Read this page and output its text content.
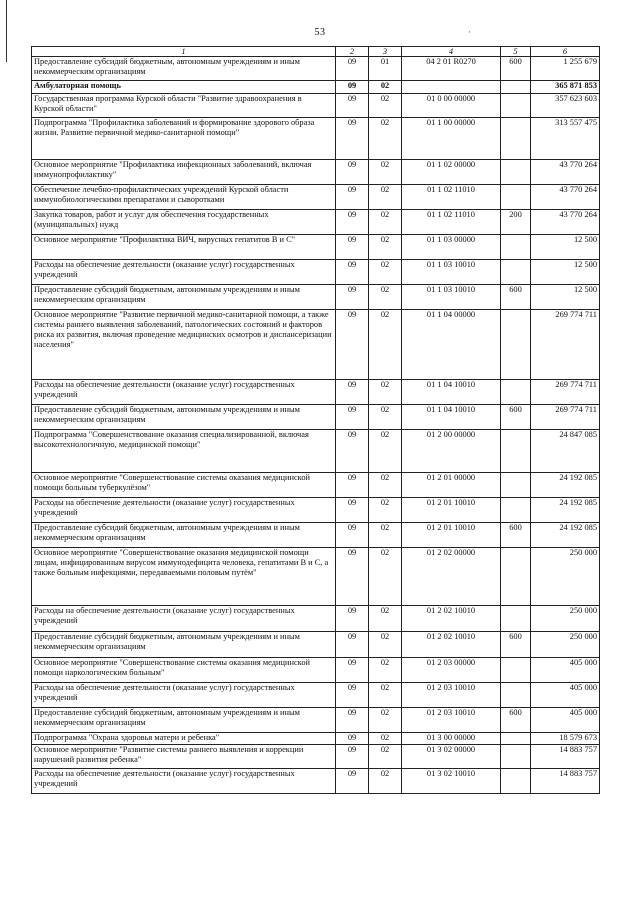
53	·
1	2	3	4	5	6
Предоставление субсидий бюджетным, автономным учреждениям и иным некоммерческим организациям	09	01	04 2 01 R0270	600	1 255 679
Амбулаторная помощь	09	02			365 871 853
Государственная программа Курской области "Развитие здравоохранения в Курской области"	09	02	01 0 00 00000		357 623 603
Подпрограмма "Профилактика заболеваний и формирование здорового образа жизни. Развитие первичной медико-санитарной помощи"	09	02	01 1 00 00000		313 557 475
Основное мероприятие "Профилактика инфекционных заболеваний, включая иммунопрофилактику"	09	02	01 1 02 00000		43 770 264
Обеспечение лечебно-профилактических учреждений Курской области иммунобиологическими препаратами и сыворотками	09	02	01 1 02 11010		43 770 264
Закупка товаров, работ и услуг для обеспечения государственных (муниципальных) нужд	09	02	01 1 02 11010	200	43 770 264
Основное мероприятие "Профилактика ВИЧ, вирусных гепатитов В и С"	09	02	01 1 03 00000		12 500
Расходы на обеспечение деятельности (оказание услуг) государственных учреждений	09	02	01 1 03 10010		12 500
Предоставление субсидий бюджетным, автономным учреждениям и иным некоммерческим организациям	09	02	01 1 03 10010	600	12 500
Основное мероприятие "Развитие первичной медико-санитарной помощи, а также системы раннего выявления заболеваний, патологических состояний и факторов риска их развития, включая проведение медицинских осмотров и диспансеризации населения"	09	02	01 1 04 00000		269 774 711
Расходы на обеспечение деятельности (оказание услуг) государственных учреждений	09	02	01 1 04 10010		269 774 711
Предоставление субсидий бюджетным, автономным учреждениям и иным некоммерческим организациям	09	02	01 1 04 10010	600	269 774 711
Подпрограмма "Совершенствование оказания специализированной, включая высокотехнологичную, медицинской помощи"	09	02	01 2 00 00000		24 847 085
Основное мероприятие "Совершенствование системы оказания медицинской помощи больным туберкулёзом"	09	02	01 2 01 00000		24 192 085
Расходы на обеспечение деятельности (оказание услуг) государственных учреждений	09	02	01 2 01 10010		24 192 085
Предоставление субсидий бюджетным, автономным учреждениям и иным некоммерческим организациям	09	02	01 2 01 10010	600	24 192 085
Основное мероприятие "Совершенствование оказания медицинской помощи лицам, инфицированным вирусом иммунодефицита человека, гепатитами В и С, а также больным инфекциями, передаваемыми половым путём"	09	02	01 2 02 00000		250 000
Расходы на обеспечение деятельности (оказание услуг) государственных учреждений	09	02	01 2 02 10010		250 000
Предоставление субсидий бюджетным, автономным учреждениям и иным некоммерческим организациям	09	02	01 2 02 10010	600	250 000
Основное мероприятие "Совершенствование системы оказания медицинской помощи наркологическим больным"	09	02	01 2 03 00000		405 000
Расходы на обеспечение деятельности (оказание услуг) государственных учреждений	09	02	01 2 03 10010		405 000
Предоставление субсидий бюджетным, автономным учреждениям и иным некоммерческим организациям	09	02	01 2 03 10010	600	405 000
Подпрограмма "Охрана здоровья матери и ребенка"	09	02	01 3 00 00000		18 579 673
Основное мероприятие "Развитие системы раннего выявления и коррекции нарушений развития ребенка"	09	02	01 3 02 00000		14 883 757
Расходы на обеспечение деятельности (оказание услуг) государственных учреждений	09	02	01 3 02 10010		14 883 757
